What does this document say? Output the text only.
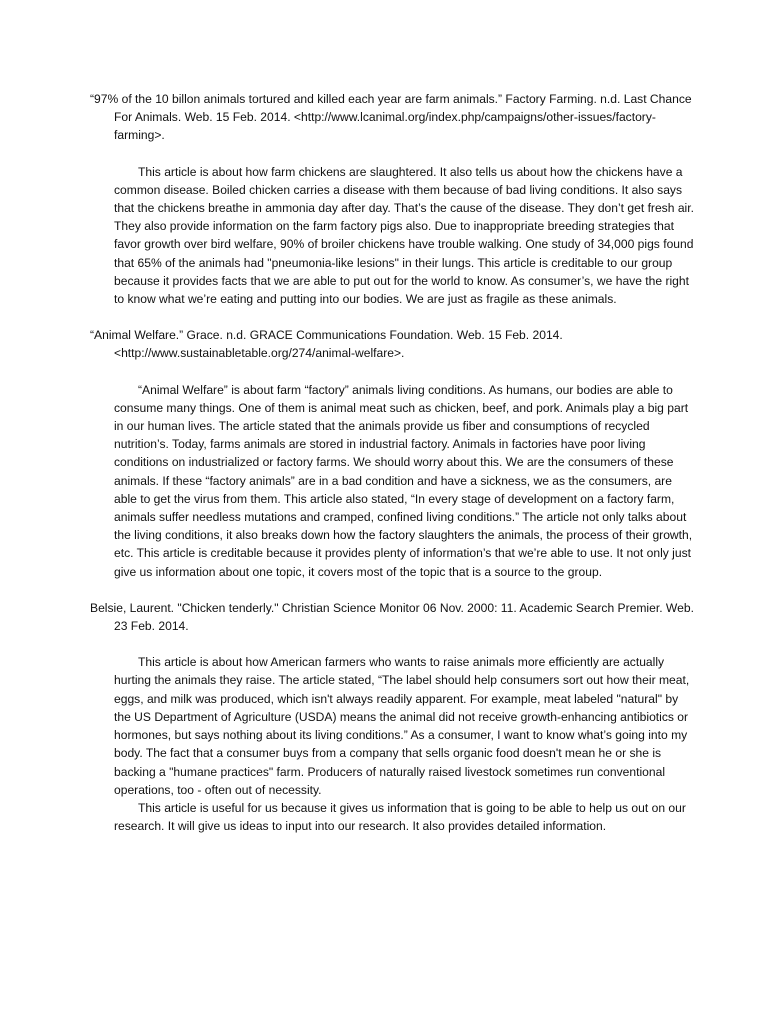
“97% of the 10 billon animals tortured and killed each year are farm animals.” Factory Farming. n.d. Last Chance For Animals. Web. 15 Feb. 2014. <http://www.lcanimal.org/index.php/campaigns/other-issues/factory-farming>.

This article is about how farm chickens are slaughtered. It also tells us about how the chickens have a common disease. Boiled chicken carries a disease with them because of bad living conditions. It also says that the chickens breathe in ammonia day after day. That’s the cause of the disease. They don’t get fresh air. They also provide information on the farm factory pigs also. Due to inappropriate breeding strategies that favor growth over bird welfare, 90% of broiler chickens have trouble walking. One study of 34,000 pigs found that 65% of the animals had "pneumonia-like lesions" in their lungs. This article is creditable to our group because it provides facts that we are able to put out for the world to know. As consumer’s, we have the right to know what we’re eating and putting into our bodies. We are just as fragile as these animals.

“Animal Welfare.” Grace. n.d. GRACE Communications Foundation. Web. 15 Feb. 2014. <http://www.sustainabletable.org/274/animal-welfare>.

“Animal Welfare” is about farm “factory” animals living conditions. As humans, our bodies are able to consume many things. One of them is animal meat such as chicken, beef, and pork. Animals play a big part in our human lives. The article stated that the animals provide us fiber and consumptions of recycled nutrition’s. Today, farms animals are stored in industrial factory. Animals in factories have poor living conditions on industrialized or factory farms. We should worry about this. We are the consumers of these animals. If these “factory animals” are in a bad condition and have a sickness, we as the consumers, are able to get the virus from them. This article also stated, “In every stage of development on a factory farm, animals suffer needless mutations and cramped, confined living conditions.” The article not only talks about the living conditions, it also breaks down how the factory slaughters the animals, the process of their growth, etc. This article is creditable because it provides plenty of information’s that we’re able to use. It not only just give us information about one topic, it covers most of the topic that is a source to the group.

Belsie, Laurent. "Chicken tenderly." Christian Science Monitor 06 Nov. 2000: 11. Academic Search Premier. Web. 23 Feb. 2014.

This article is about how American farmers who wants to raise animals more efficiently are actually hurting the animals they raise. The article stated, “The label should help consumers sort out how their meat, eggs, and milk was produced, which isn't always readily apparent. For example, meat labeled "natural" by the US Department of Agriculture (USDA) means the animal did not receive growth-enhancing antibiotics or hormones, but says nothing about its living conditions.” As a consumer, I want to know what’s going into my body. The fact that a consumer buys from a company that sells organic food doesn't mean he or she is backing a "humane practices" farm. Producers of naturally raised livestock sometimes run conventional operations, too - often out of necessity.

This article is useful for us because it gives us information that is going to be able to help us out on our research. It will give us ideas to input into our research. It also provides detailed information.
